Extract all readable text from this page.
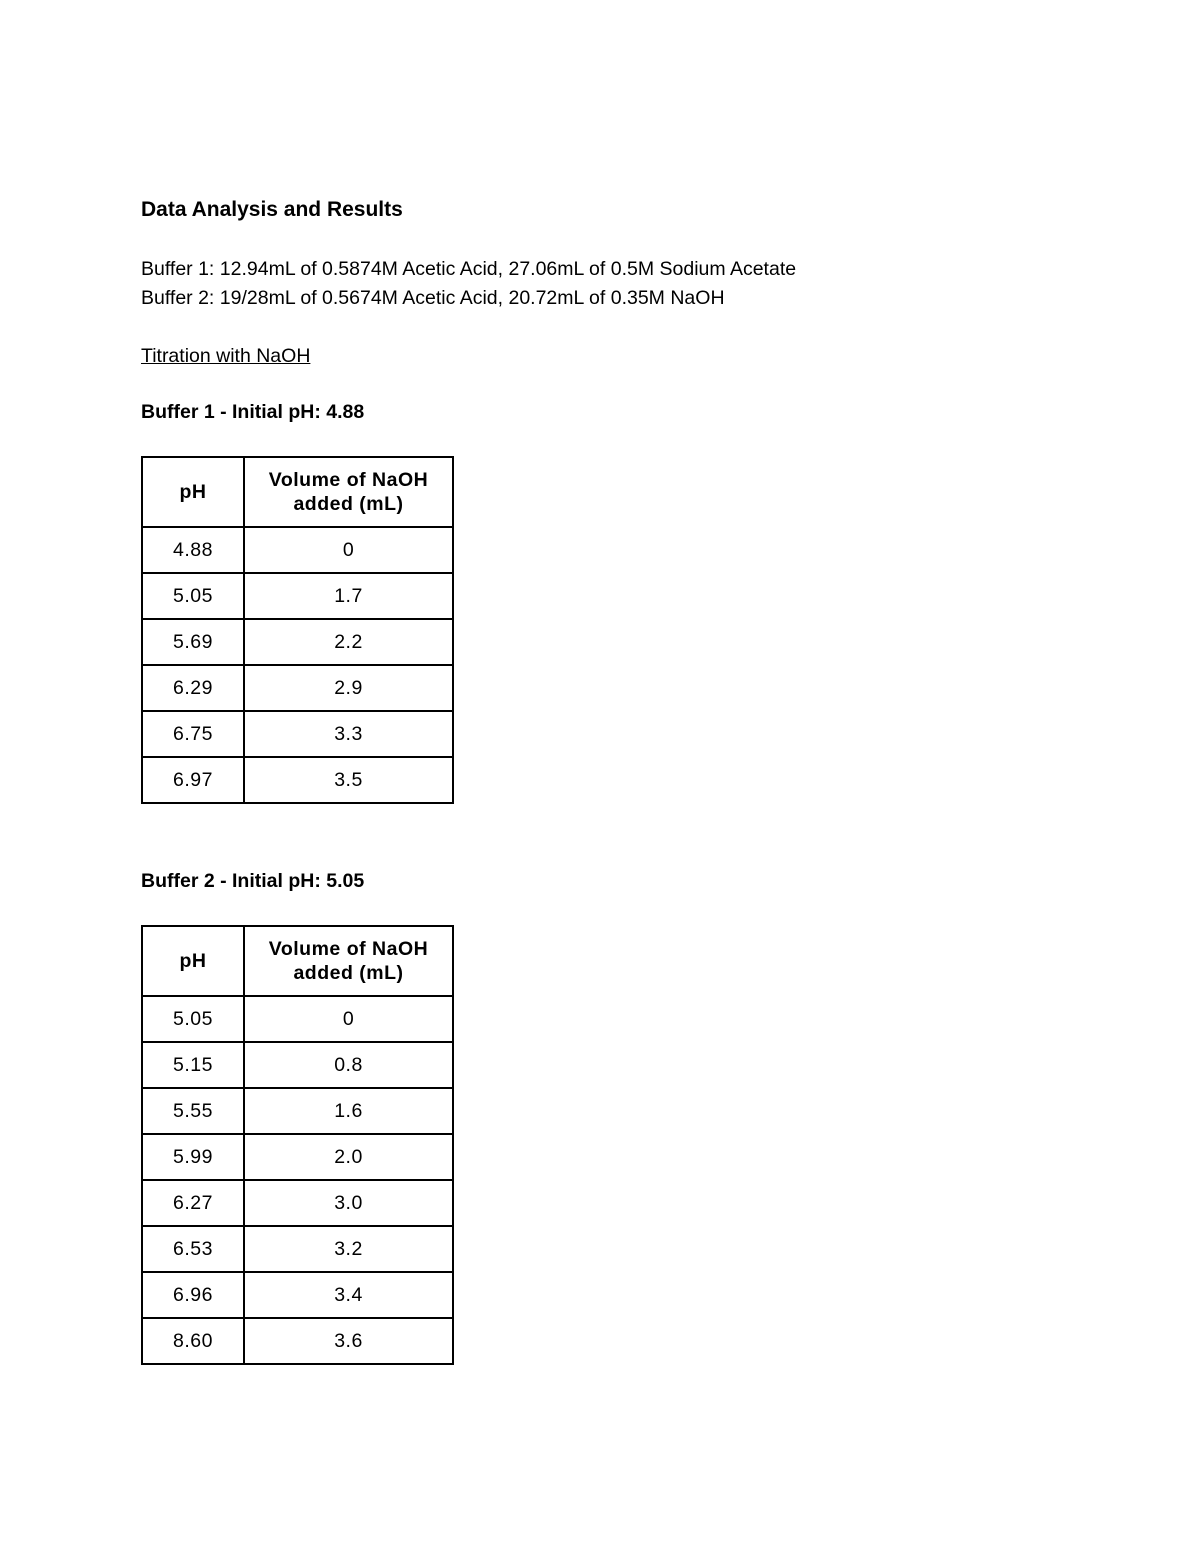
Data Analysis and Results

Buffer 1: 12.94mL of 0.5874M Acetic Acid, 27.06mL of 0.5M Sodium Acetate

Buffer 2: 19/28mL of 0.5674M Acetic Acid, 20.72mL of 0.35M NaOH

Titration with NaOH

Buffer 1 - Initial pH: 4.88

pH	Volume of NaOH added (mL)

4.88	0
5.05	1.7
5.69	2.2
6.29	2.9
6.75	3.3
6.97	3.5

Buffer 2 - Initial pH: 5.05

pH	Volume of NaOH added (mL)

5.05	0
5.15	0.8
5.55	1.6
5.99	2.0
6.27	3.0
6.53	3.2
6.96	3.4
8.60	3.6
